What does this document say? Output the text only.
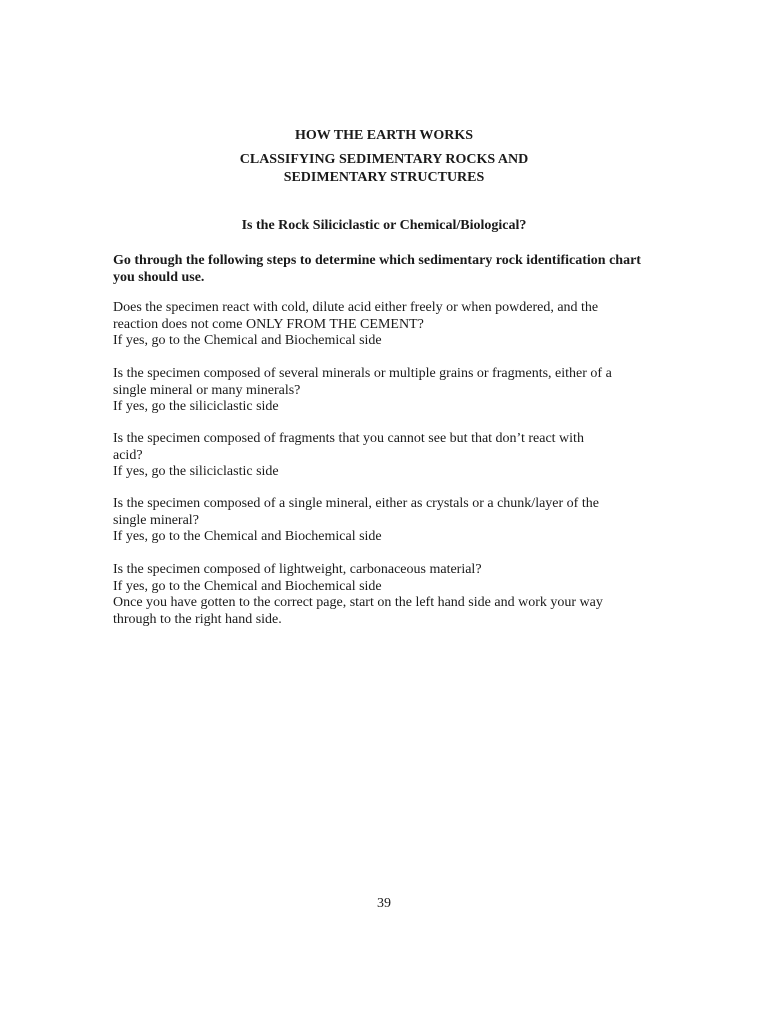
HOW THE EARTH WORKS
CLASSIFYING SEDIMENTARY ROCKS AND
SEDIMENTARY STRUCTURES
Is the Rock Siliciclastic or Chemical/Biological?

Go through the following steps to determine which sedimentary rock identification chart you should use.

Does the specimen react with cold, dilute acid either freely or when powdered, and the
reaction does not come ONLY FROM THE CEMENT?
If yes, go to the Chemical and Biochemical side
Is the specimen composed of several minerals or multiple grains or fragments, either of a
single mineral or many minerals?
If yes, go the siliciclastic side
Is the specimen composed of fragments that you cannot see but that don’t react with
acid?
If yes, go the siliciclastic side
Is the specimen composed of a single mineral, either as crystals or a chunk/layer of the
single mineral?
If yes, go to the Chemical and Biochemical side
Is the specimen composed of lightweight, carbonaceous material?
If yes, go to the Chemical and Biochemical side
Once you have gotten to the correct page, start on the left hand side and work your way
through to the right hand side.
39
